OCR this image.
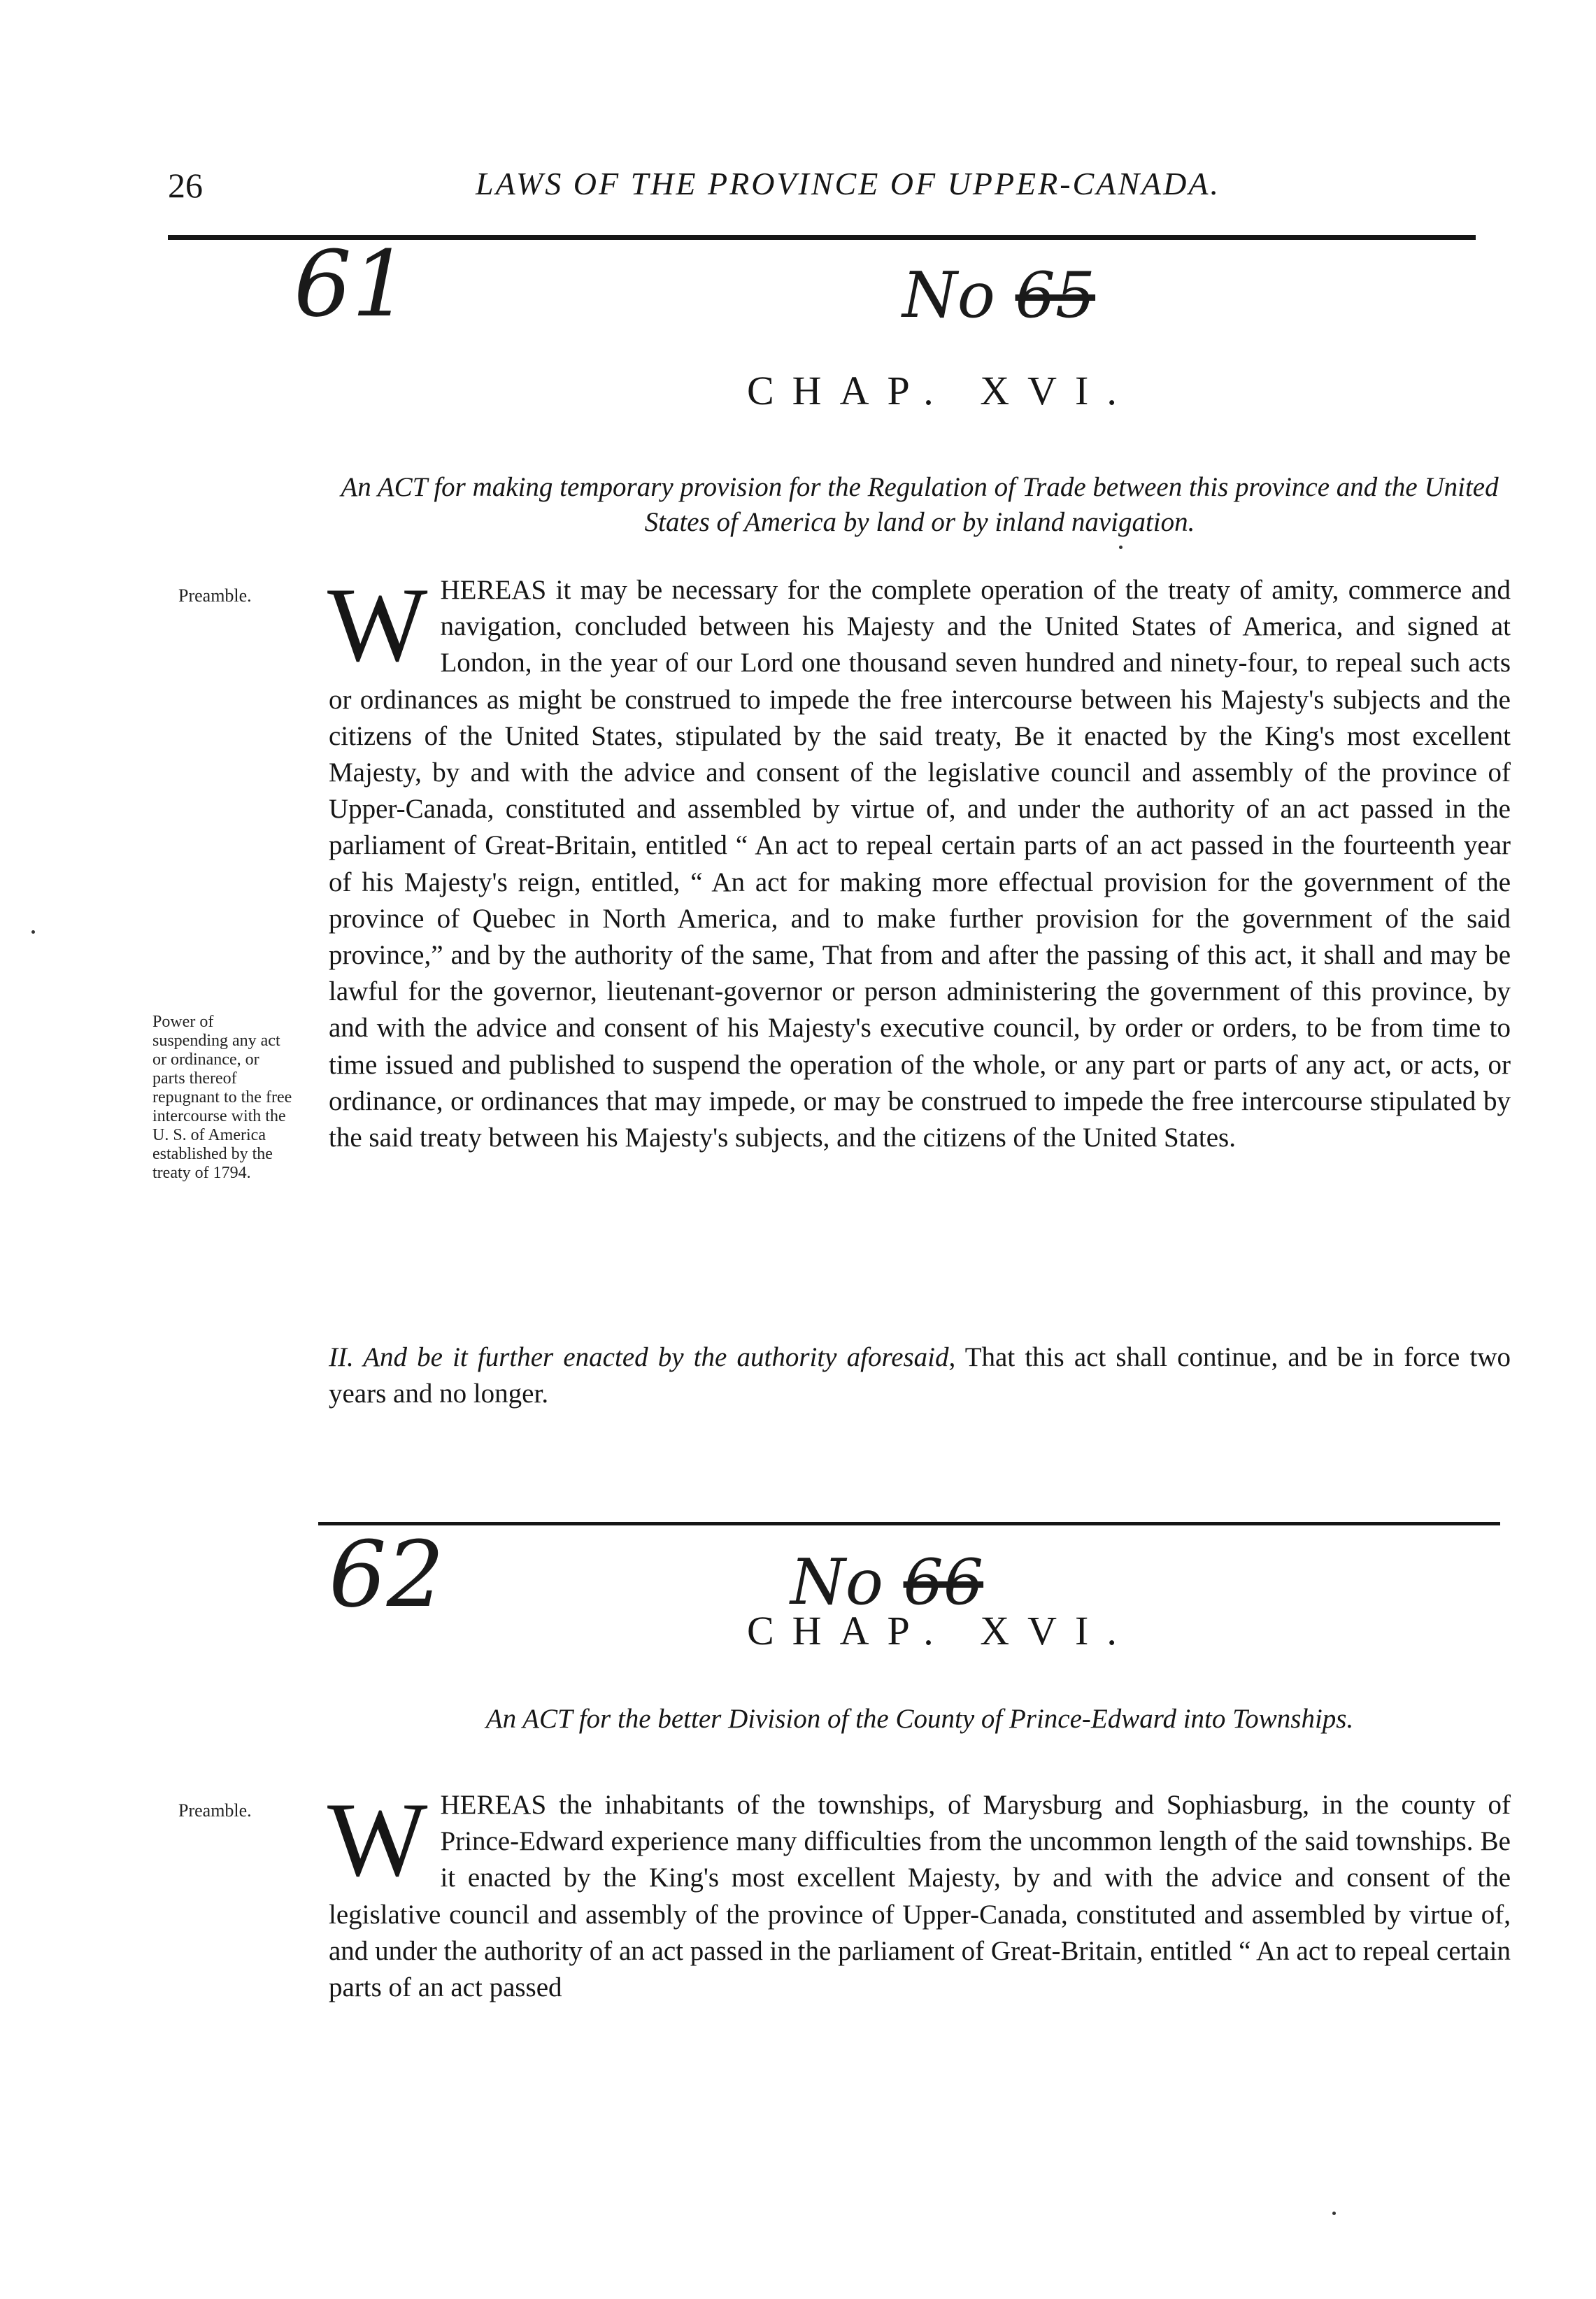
26	LAWS OF THE PROVINCE OF UPPER-CANADA.
61	No 65
CHAP. XVI.
An ACT for making temporary provision for the Regulation of Trade between this province and the United States of America by land or by inland navigation.
Preamble.
Power of suspending any act or ordinance, or parts thereof repugnant to the free intercourse with the U. S. of America established by the treaty of 1794.
W HEREAS it may be necessary for the complete operation of the treaty of amity, commerce and navigation, concluded between his Majesty and the United States of America, and signed at London, in the year of our Lord one thousand seven hundred and ninety-four, to repeal such acts or ordinances as might be construed to impede the free intercourse between his Majesty's subjects and the citizens of the United States, stipulated by the said treaty, Be it enacted by the King's most excellent Majesty, by and with the advice and consent of the legislative council and assembly of the province of Upper-Canada, constituted and assembled by virtue of, and under the authority of an act passed in the parliament of Great-Britain, entitled “ An act to repeal certain parts of an act passed in the fourteenth year of his Majesty's reign, entitled, “ An act for making more effectual provision for the government of the province of Quebec in North America, and to make further provision for the government of the said province,” and by the authority of the same, That from and after the passing of this act, it shall and may be lawful for the governor, lieutenant-governor or person administering the government of this province, by and with the advice and consent of his Majesty's executive council, by order or orders, to be from time to time issued and published to suspend the operation of the whole, or any part or parts of any act, or acts, or ordinance, or ordinances that may impede, or may be construed to impede the free intercourse stipulated by the said treaty between his Majesty's subjects, and the citizens of the United States.
II. And be it further enacted by the authority aforesaid, That this act shall continue, and be in force two years and no longer.
62	No 66
CHAP. XVI.
An ACT for the better Division of the County of Prince-Edward into Townships.
Preamble. W HEREAS the inhabitants of the townships, of Marysburg and Sophiasburg, in the county of Prince-Edward experience many difficulties from the uncommon length of the said townships. Be it enacted by the King's most excellent Majesty, by and with the advice and consent of the legislative council and assembly of the province of Upper-Canada, constituted and assembled by virtue of, and under the authority of an act passed in the parliament of Great-Britain, entitled “ An act to repeal certain parts of an act passed
